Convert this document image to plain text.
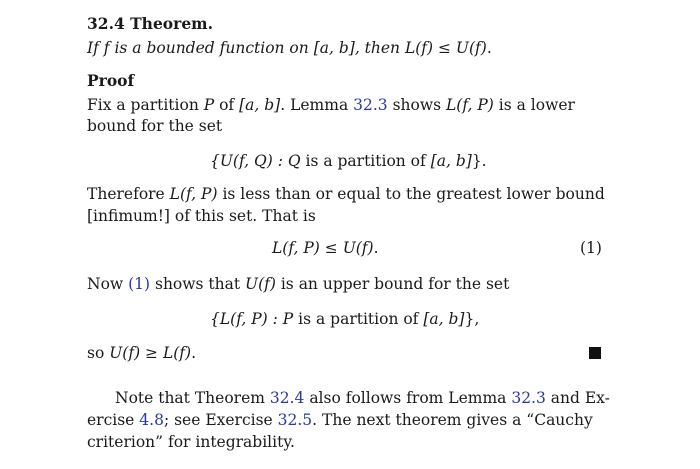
32.4 Theorem.
If f is a bounded function on [a, b], then L(f) ≤ U(f).
Proof
Fix a partition P of [a, b]. Lemma 32.3 shows L(f, P) is a lower
bound for the set
{U(f, Q) : Q is a partition of [a, b]}.
Therefore L(f, P) is less than or equal to the greatest lower bound
[infimum!] of this set. That is
L(f, P) ≤ U(f).	(1)
Now (1) shows that U(f) is an upper bound for the set
{L(f, P) : P is a partition of [a, b]},
so U(f) ≥ L(f).
Note that Theorem 32.4 also follows from Lemma 32.3 and Ex-
ercise 4.8; see Exercise 32.5. The next theorem gives a “Cauchy
criterion” for integrability.
